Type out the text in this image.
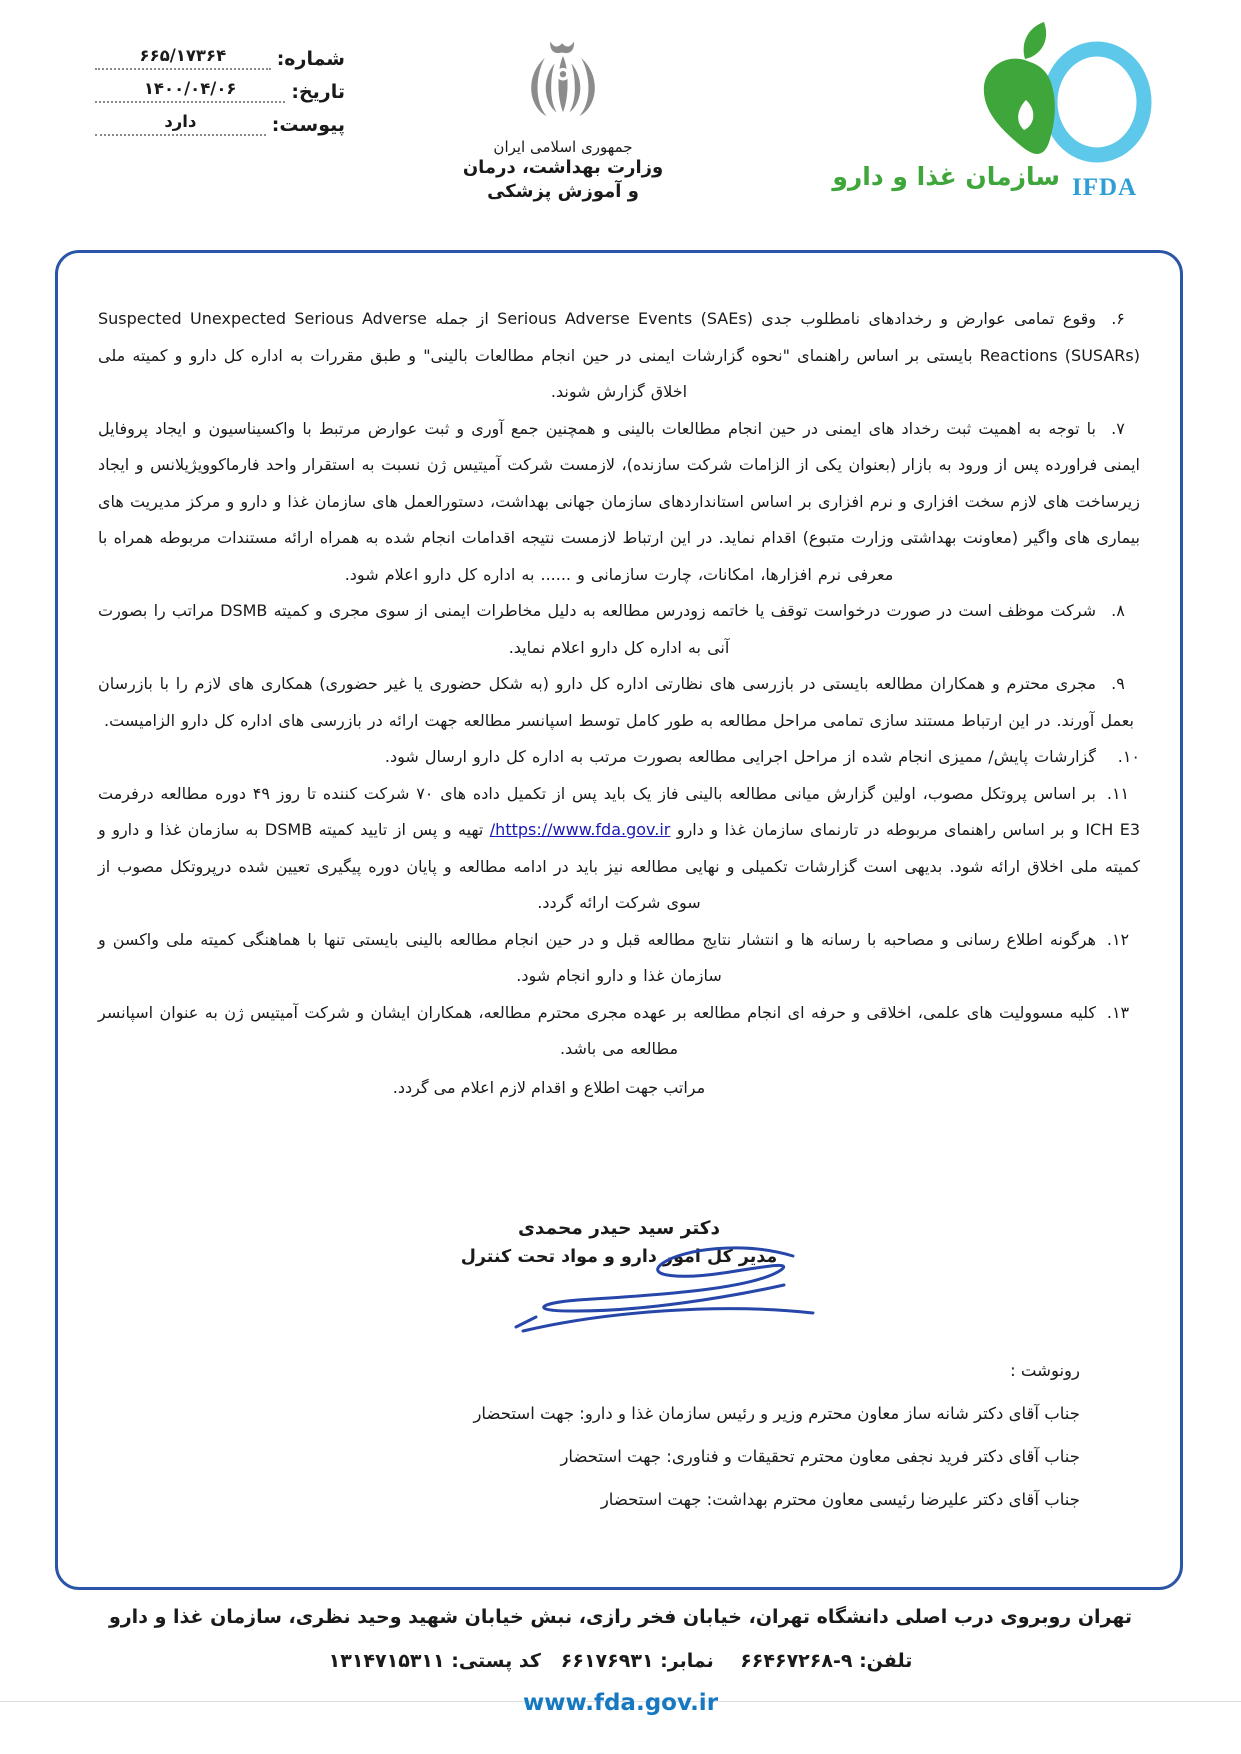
شماره:
۶۶۵/۱۷۳۶۴
تاریخ:
۱۴۰۰/۰۴/۰۶
پیوست:
دارد
جمهوری اسلامی ایران
وزارت بهداشت، درمان
و آموزش پزشکی
سازمان غذا و دارو IFDA

۶.وقوع تمامی عوارض و رخدادهای نامطلوب جدی (Serious Adverse Events (SAEs از جمله Suspected Unexpected Serious Adverse Reactions (SUSARs) بایستی بر اساس راهنمای "نحوه گزارشات ایمنی در حین انجام مطالعات بالینی" و طبق مقررات به اداره کل دارو و کمیته ملی اخلاق گزارش شوند.

۷.با توجه به اهمیت ثبت رخداد های ایمنی در حین انجام مطالعات بالینی و همچنین جمع آوری و ثبت عوارض مرتبط با واکسیناسیون و ایجاد پروفایل ایمنی فراورده پس از ورود به بازار (بعنوان یکی از الزامات شرکت سازنده)، لازمست شرکت آمیتیس ژن نسبت به استقرار واحد فارماکوویژیلانس و ایجاد زیرساخت های لازم سخت افزاری و نرم افزاری بر اساس استانداردهای سازمان جهانی بهداشت، دستورالعمل های سازمان غذا و دارو و مرکز مدیریت های بیماری های واگیر (معاونت بهداشتی وزارت متبوع) اقدام نماید. در این ارتباط لازمست نتیجه اقدامات انجام شده به همراه ارائه مستندات مربوطه همراه با معرفی نرم افزارها، امکانات، چارت سازمانی و ...... به اداره کل دارو اعلام شود.

۸.شرکت موظف است در صورت درخواست توقف یا خاتمه زودرس مطالعه به دلیل مخاطرات ایمنی از سوی مجری و کمیته DSMB مراتب را بصورت آنی به اداره کل دارو اعلام نماید.

۹.مجری محترم و همکاران مطالعه بایستی در بازرسی های نظارتی اداره کل دارو (به شکل حضوری یا غیر حضوری) همکاری های لازم را با بازرسان بعمل آورند. در این ارتباط مستند سازی تمامی مراحل مطالعه به طور کامل توسط اسپانسر مطالعه جهت ارائه در بازرسی های اداره کل دارو الزامیست.

۱۰.گزارشات پایش/ ممیزی انجام شده از مراحل اجرایی مطالعه بصورت مرتب به اداره کل دارو ارسال شود.

۱۱.بر اساس پروتکل مصوب، اولین گزارش میانی مطالعه بالینی فاز یک باید پس از تکمیل داده های ۷۰ شرکت کننده تا روز ۴۹ دوره مطالعه درفرمت ICH E3 و بر اساس راهنمای مربوطه در تارنمای سازمان غذا و دارو https://www.fda.gov.ir/ تهیه و پس از تایید کمیته DSMB به سازمان غذا و دارو و کمیته ملی اخلاق ارائه شود. بدیهی است گزارشات تکمیلی و نهایی مطالعه نیز باید در ادامه مطالعه و پایان دوره پیگیری تعیین شده درپروتکل مصوب از سوی شرکت ارائه گردد.

۱۲.هرگونه اطلاع رسانی و مصاحبه با رسانه ها و انتشار نتایج مطالعه قبل و در حین انجام مطالعه بالینی بایستی تنها با هماهنگی کمیته ملی واکسن و سازمان غذا و دارو انجام شود.

۱۳.کلیه مسوولیت های علمی، اخلاقی و حرفه ای انجام مطالعه بر عهده مجری محترم مطالعه، همکاران ایشان و شرکت آمیتیس ژن به عنوان اسپانسر مطالعه می باشد.

مراتب جهت اطلاع و اقدام لازم اعلام می گردد.
دکتر سید حیدر محمدی
مدیر کل امور دارو و مواد تحت کنترل
رونوشت :
جناب آقای دکتر شانه ساز معاون محترم وزیر و رئیس سازمان غذا و دارو: جهت استحضار
جناب آقای دکتر فرید نجفی معاون محترم تحقیقات و فناوری: جهت استحضار
جناب آقای دکتر علیرضا رئیسی معاون محترم بهداشت: جهت استحضار
تهران روبروی درب اصلی دانشگاه تهران، خیابان فخر رازی، نبش خیابان شهید وحید نظری، سازمان غذا و دارو
تلفن: ۹-۶۶۴۶۷۲۶۸    نمابر: ۶۶۱۷۶۹۳۱   کد پستی: ۱۳۱۴۷۱۵۳۱۱
www.fda.gov.ir
